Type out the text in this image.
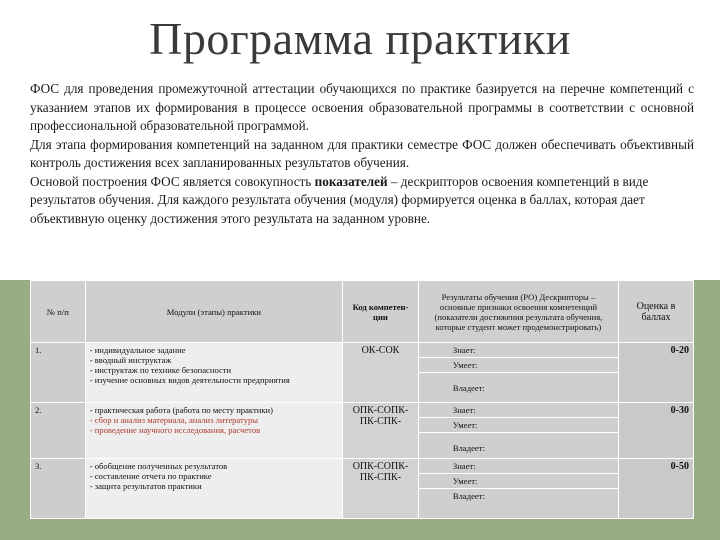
Программа практики

ФОС для проведения промежуточной аттестации обучающихся по практике базируется на перечне компетенций с указанием этапов их формирования в процессе освоения образовательной программы в соответствии с основной профессиональной образовательной программой.

Для этапа формирования компетенций на заданном для практики семестре ФОС должен обеспечивать объективный контроль достижения всех запланированных результатов обучения.

Основой построения ФОС является совокупность показателей – дескрипторов освоения компетенций в виде результатов обучения. Для каждого результата обучения (модуля) формируется оценка в баллах, которая дает объективную оценку достижения этого результата на заданном уровне.

№ п/п	Модули (этапы) практики	Код компетен-ции	Результаты обучения (РО) Дескрипторы – основные признаки освоения компетенций (показатели достижения результата обучения, которые студент может продемонстрировать)	Оценка в баллах
1.	- индивидуальное задание
- вводный инструктаж
- инструктаж по технике безопасности
- изучение основных видов деятельности предприятия	ОК-СОК	Знает:
Умеет:
Владеет:	0-20
2.	- практическая работа (работа по месту практики)
- сбор и анализ материала, анализ литературы
- проведение научного исследования, расчетов	ОПК-СОПК-ПК-СПК-	Знает:
Умеет:
Владеет:	0-30
3.	- обобщение полученных результатов
- составление отчета по практике
- защита результатов практики	ОПК-СОПК-ПК-СПК-	Знает:
Умеет:
Владеет:	0-50
